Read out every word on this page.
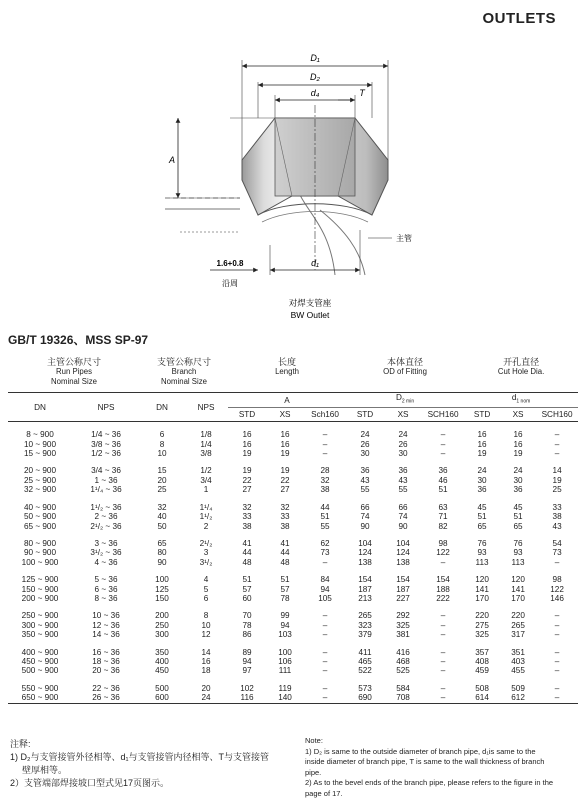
OUTLETS
D₁
D₂
d₄	T
A
d₁
1.6+0.8
沿周
主管
对焊支管座
BW Outlet
GB/T 19326、MSS SP-97
主管公称尺寸
Run Pipes
Nominal Size		支管公称尺寸
Branch
Nominal Size		长度
Length			本体直径
OD of Fitting			开孔直径
Cut Hole Dia.		

DN	NPS	DN	NPS	A			$D_{2 min}$			$d_{1 nom}$
				STD	XS	Sch160	STD	XS	SCH160	STD	XS	SCH160

8 ~ 900	1/4 ~ 36	6	1/8	16	16	–	24	24	–	16	16	–
10 ~ 900	3/8 ~ 36	8	1/4	16	16	–	26	26	–	16	16	–
15 ~ 900	1/2 ~ 36	10	3/8	19	19	–	30	30	–	19	19	–

20 ~ 900	3/4 ~ 36	15	1/2	19	19	28	36	36	36	24	24	14
25 ~ 900	1 ~ 36	20	3/4	22	22	32	43	43	46	30	30	19
32 ~ 900	1¹/₄ ~ 36	25	1	27	27	38	55	55	51	36	36	25

40 ~ 900	1¹/₂ ~ 36	32	1¹/₄	32	32	44	66	66	63	45	45	33
50 ~ 900	2 ~ 36	40	1¹/₂	33	33	51	74	74	71	51	51	38
65 ~ 900	2¹/₂ ~ 36	50	2	38	38	55	90	90	82	65	65	43

80 ~ 900	3 ~ 36	65	2¹/₂	41	41	62	104	104	98	76	76	54
90 ~ 900	3¹/₂ ~ 36	80	3	44	44	73	124	124	122	93	93	73
100 ~ 900	4 ~ 36	90	3¹/₂	48	48	–	138	138	–	113	113	–

125 ~ 900	5 ~ 36	100	4	51	51	84	154	154	154	120	120	98
150 ~ 900	6 ~ 36	125	5	57	57	94	187	187	188	141	141	122
200 ~ 900	8 ~ 36	150	6	60	78	105	213	227	222	170	170	146

250 ~ 900	10 ~ 36	200	8	70	99	–	265	292	–	220	220	–
300 ~ 900	12 ~ 36	250	10	78	94	–	323	325	–	275	265	–
350 ~ 900	14 ~ 36	300	12	86	103	–	379	381	–	325	317	–

400 ~ 900	16 ~ 36	350	14	89	100	–	411	416	–	357	351	–
450 ~ 900	18 ~ 36	400	16	94	106	–	465	468	–	408	403	–
500 ~ 900	20 ~ 36	450	18	97	111	–	522	525	–	459	455	–

550 ~ 900	22 ~ 36	500	20	102	119	–	573	584	–	508	509	–
650 ~ 900	26 ~ 36	600	24	116	140	–	690	708	–	614	612	–
注释:
1) D₂与支管接管外径相等、d₁与支管接管内径相等、T与支管接管
壁厚相等。
2）支管端部焊接坡口型式见17页图示。
Note:
1) D₂ is same to the outside diameter of branch pipe, d₁is same to the inside diameter of branch pipe, T is same to the wall thickness of branch pipe.
2) As to the bevel ends of the branch pipe, please refers to the figure in the page of 17.
